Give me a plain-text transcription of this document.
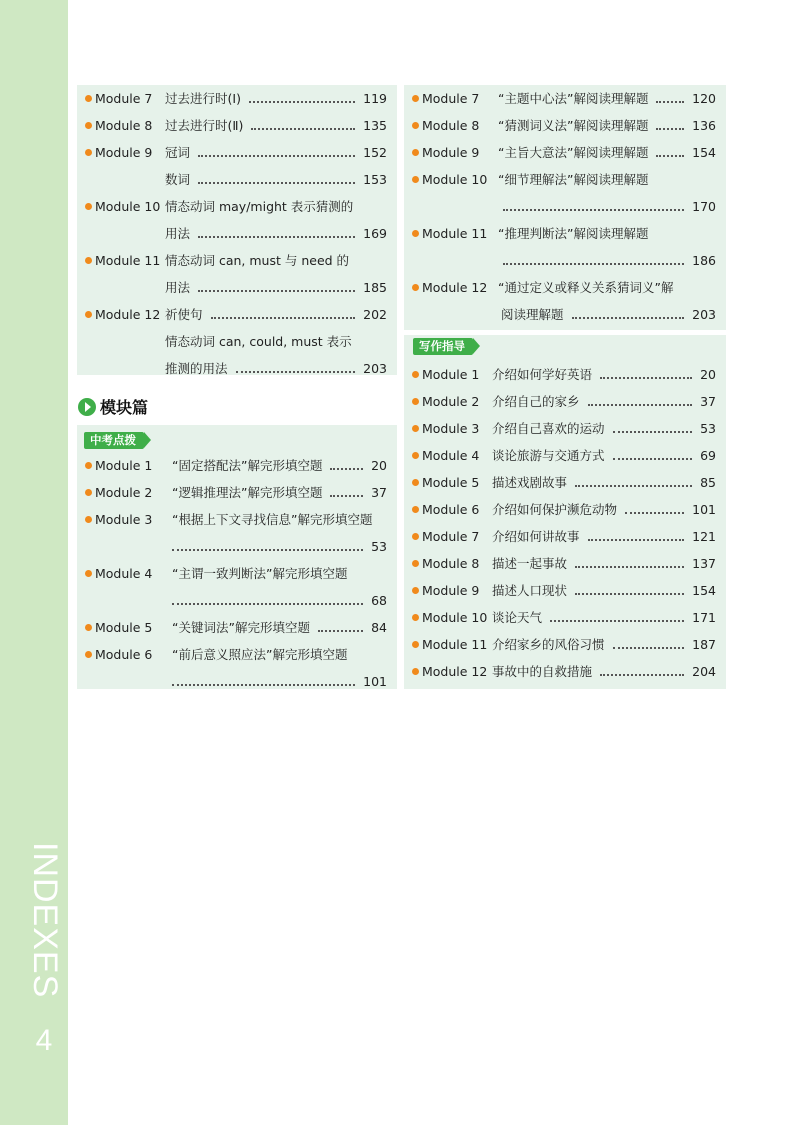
INDEXES
4
Module 7 过去进行时(Ⅰ)	119
Module 8 过去进行时(Ⅱ)	135
Module 9 冠词	152
数词	153
Module 10 情态动词 may/might 表示猜测的
用法	169
Module 11 情态动词 can, must 与 need 的
用法	185
Module 12 祈使句	202
情态动词 can, could, must 表示
推测的用法	203
模块篇
Module 1 “固定搭配法”解完形填空题	20
Module 2 “逻辑推理法”解完形填空题	37
Module 3 “根据上下文寻找信息”解完形填空题
53
Module 4 “主谓一致判断法”解完形填空题
68
Module 5 “关键词法”解完形填空题	84
Module 6 “前后意义照应法”解完形填空题
101
中考点拨
Module 7 “主题中心法”解阅读理解题	120
Module 8 “猜测词义法”解阅读理解题	136
Module 9 “主旨大意法”解阅读理解题	154
Module 10 “细节理解法”解阅读理解题
170
Module 11 “推理判断法”解阅读理解题
186
Module 12 “通过定义或释义关系猜词义”解
阅读理解题	203
Module 1 介绍如何学好英语	20
Module 2 介绍自己的家乡	37
Module 3 介绍自己喜欢的运动	53
Module 4 谈论旅游与交通方式	69
Module 5 描述戏剧故事	85
Module 6 介绍如何保护濒危动物	101
Module 7 介绍如何讲故事	121
Module 8 描述一起事故	137
Module 9 描述人口现状	154
Module 10 谈论天气	171
Module 11 介绍家乡的风俗习惯	187
Module 12 事故中的自救措施	204
写作指导
